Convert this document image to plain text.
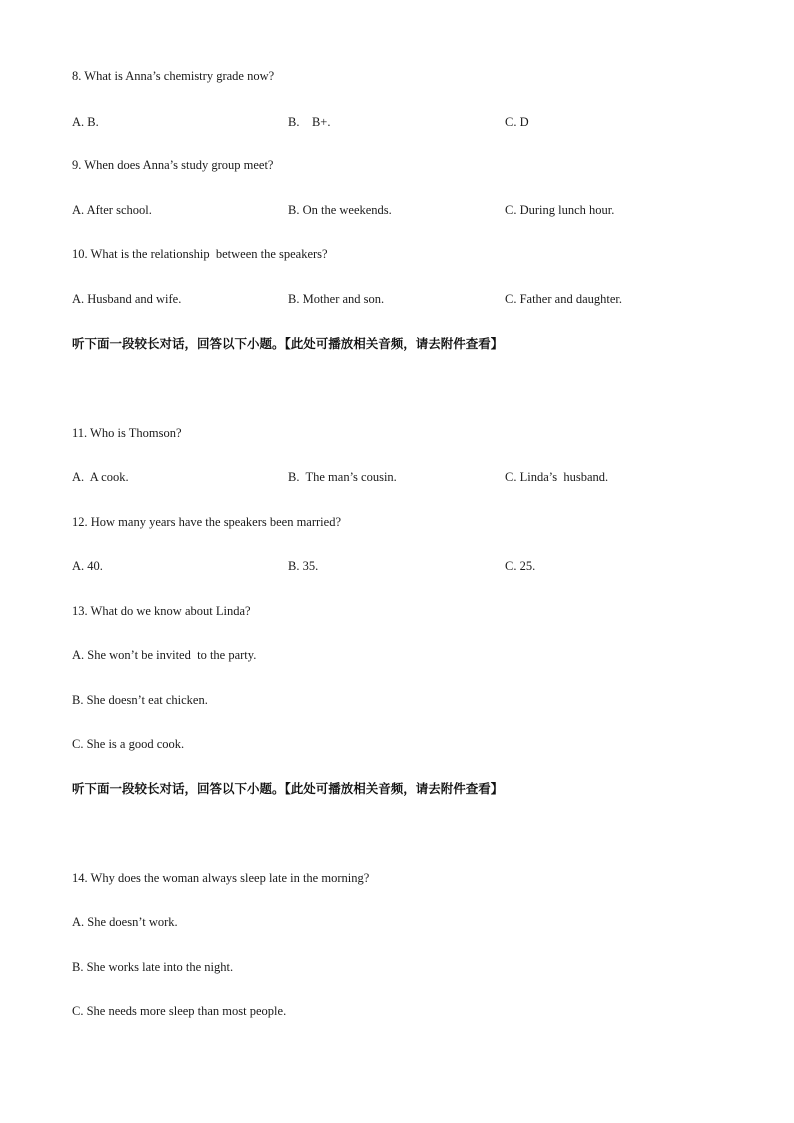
8. What is Anna’s chemistry grade now?
A. B.	B.    B+.	C. D
9. When does Anna’s study group meet?
A. After school.	B. On the weekends.	C. During lunch hour.
10. What is the relationship  between the speakers?
A. Husband and wife.	B. Mother and son.	C. Father and daughter.
听下面一段较长对话，回答以下小题。【此处可播放相关音频，请去附件查看】
11. Who is Thomson?
A.  A cook.	B.  The man’s cousin.	C. Linda’s  husband.
12. How many years have the speakers been married?
A. 40.	B. 35.	C. 25.
13. What do we know about Linda?
A. She won’t be invited  to the party.
B. She doesn’t eat chicken.
C. She is a good cook.
听下面一段较长对话，回答以下小题。【此处可播放相关音频，请去附件查看】
14. Why does the woman always sleep late in the morning?
A. She doesn’t work.
B. She works late into the night.
C. She needs more sleep than most people.
